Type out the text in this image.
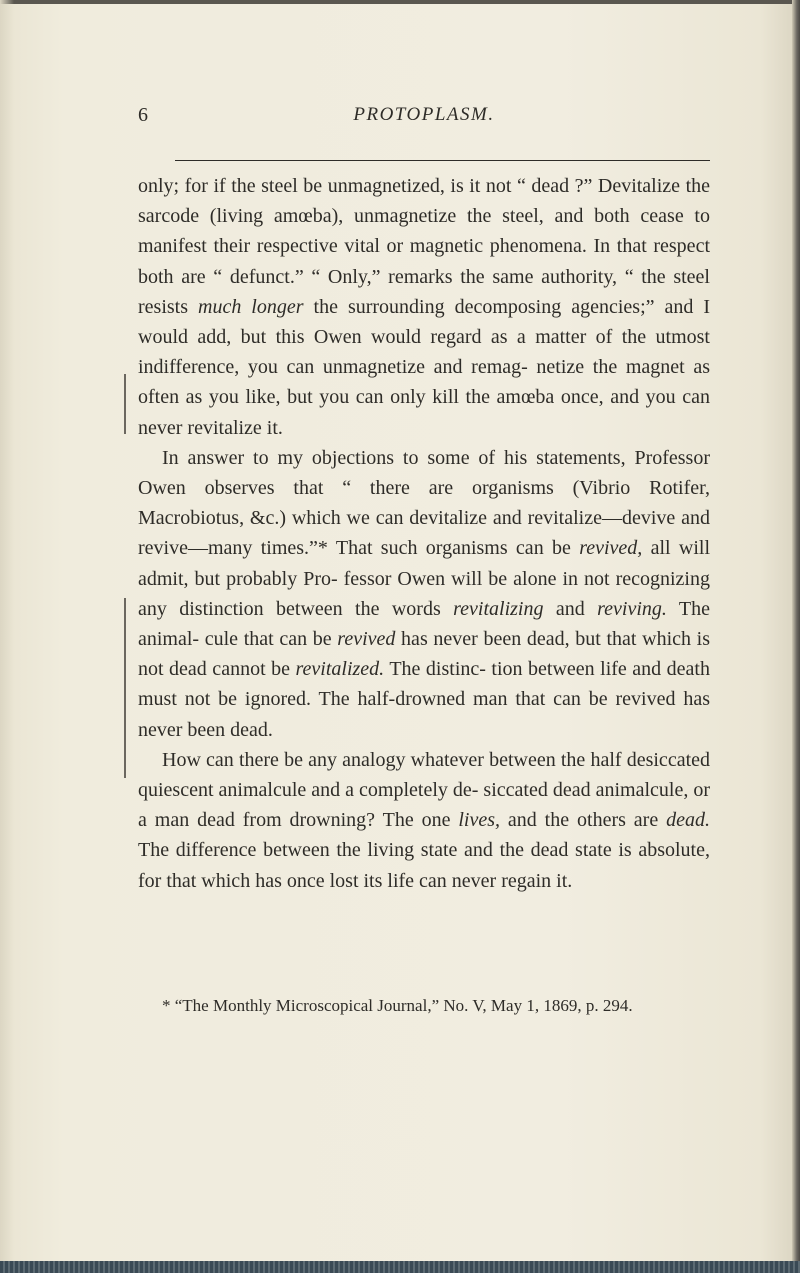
6	PROTOPLASM.

only; for if the steel be unmagnetized, is it not “ dead ?” Devitalize the sarcode (living amœba), unmagnetize the steel, and both cease to manifest their respective vital or magnetic phenomena. In that respect both are “ defunct.” “ Only,” remarks the same authority, “ the steel resists much longer the surrounding decomposing agencies;” and I would add, but this Owen would regard as a matter of the utmost indifference, you can unmagnetize and remag- netize the magnet as often as you like, but you can only kill the amœba once, and you can never revitalize it.

In answer to my objections to some of his statements, Professor Owen observes that “ there are organisms (Vibrio Rotifer, Macrobiotus, &c.) which we can devitalize and revitalize—devive and revive—many times.”* That such organisms can be revived, all will admit, but probably Pro- fessor Owen will be alone in not recognizing any distinction between the words revitalizing and reviving. The animal- cule that can be revived has never been dead, but that which is not dead cannot be revitalized. The distinc- tion between life and death must not be ignored. The half-drowned man that can be revived has never been dead.

How can there be any analogy whatever between the half desiccated quiescent animalcule and a completely de- siccated dead animalcule, or a man dead from drowning? The one lives, and the others are dead. The difference between the living state and the dead state is absolute, for that which has once lost its life can never regain it.

* “The Monthly Microscopical Journal,” No. V, May 1, 1869, p. 294.
